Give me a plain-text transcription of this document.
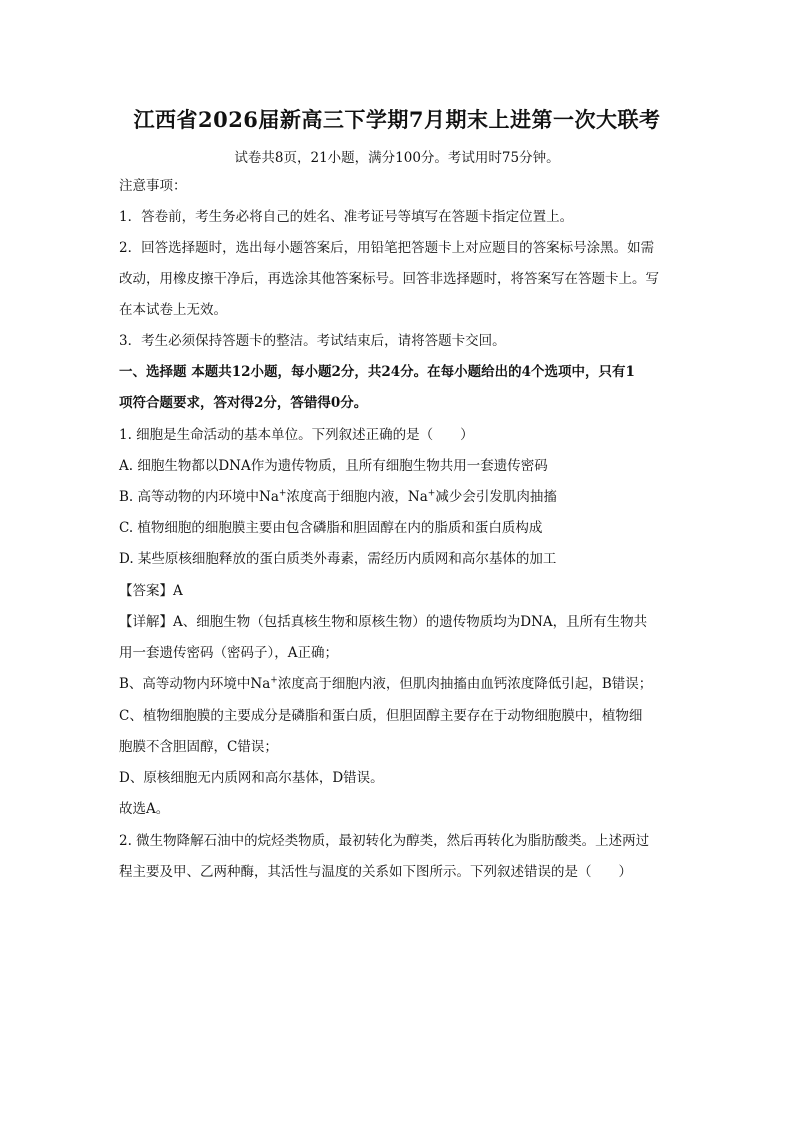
江西省2026届新高三下学期7月期末上进第一次大联考
试卷共8页，21小题，满分100分。考试用时75分钟。
注意事项：
1．答卷前，考生务必将自己的姓名、准考证号等填写在答题卡指定位置上。
2．回答选择题时，选出每小题答案后，用铅笔把答题卡上对应题目的答案标号涂黑。如需
改动，用橡皮擦干净后，再选涂其他答案标号。回答非选择题时，将答案写在答题卡上。写
在本试卷上无效。
3．考生必须保持答题卡的整洁。考试结束后，请将答题卡交回。
一、选择题 本题共12小题，每小题2分，共24分。在每小题给出的4个选项中，只有1
项符合题要求，答对得2分，答错得0分。
1. 细胞是生命活动的基本单位。下列叙述正确的是（　　）
A. 细胞生物都以DNA作为遗传物质，且所有细胞生物共用一套遗传密码
B. 高等动物的内环境中Na+浓度高于细胞内液，Na+减少会引发肌肉抽搐
C. 植物细胞的细胞膜主要由包含磷脂和胆固醇在内的脂质和蛋白质构成
D. 某些原核细胞释放的蛋白质类外毒素，需经历内质网和高尔基体的加工
【答案】A
【详解】A、细胞生物（包括真核生物和原核生物）的遗传物质均为DNA，且所有生物共
用一套遗传密码（密码子），A正确；
B、高等动物内环境中Na+浓度高于细胞内液，但肌肉抽搐由血钙浓度降低引起，B错误；
C、植物细胞膜的主要成分是磷脂和蛋白质，但胆固醇主要存在于动物细胞膜中，植物细
胞膜不含胆固醇，C错误；
D、原核细胞无内质网和高尔基体，D错误。
故选A。
2. 微生物降解石油中的烷烃类物质，最初转化为醇类，然后再转化为脂肪酸类。上述两过
程主要及甲、乙两种酶，其活性与温度的关系如下图所示。下列叙述错误的是（　　）
